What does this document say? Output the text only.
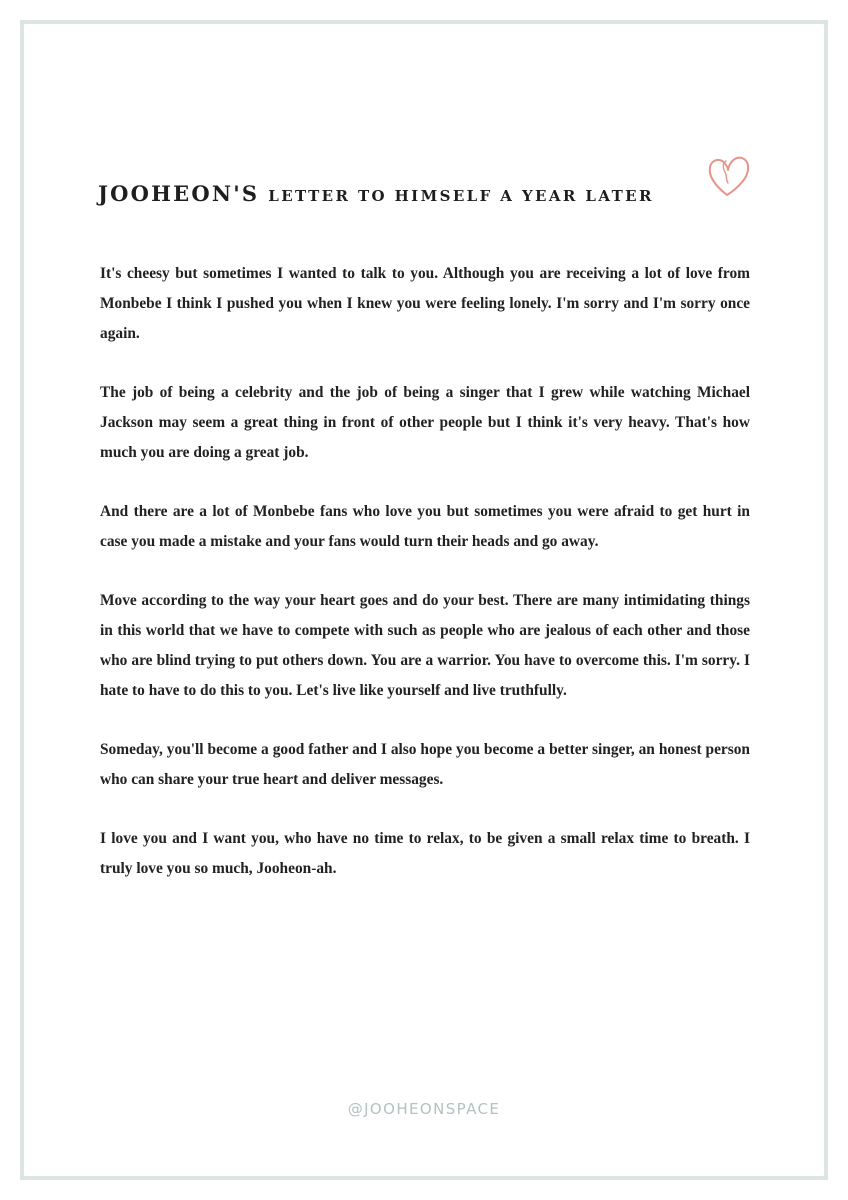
JOOHEON'S LETTER TO HIMSELF A YEAR LATER

It's cheesy but sometimes I wanted to talk to you. Although you are receiving a lot of love from Monbebe I think I pushed you when I knew you were feeling lonely. I'm sorry and I'm sorry once again.

The job of being a celebrity and the job of being a singer that I grew while watching Michael Jackson may seem a great thing in front of other people but I think it's very heavy. That's how much you are doing a great job.

And there are a lot of Monbebe fans who love you but sometimes you were afraid to get hurt in case you made a mistake and your fans would turn their heads and go away.

Move according to the way your heart goes and do your best. There are many intimidating things in this world that we have to compete with such as people who are jealous of each other and those who are blind trying to put others down. You are a warrior. You have to overcome this. I'm sorry. I hate to have to do this to you. Let's live like yourself and live truthfully.

Someday, you'll become a good father and I also hope you become a better singer, an honest person who can share your true heart and deliver messages.

I love you and I want you, who have no time to relax, to be given a small relax time to breath. I truly love you so much, Jooheon-ah.

@JOOHEONSPACE
